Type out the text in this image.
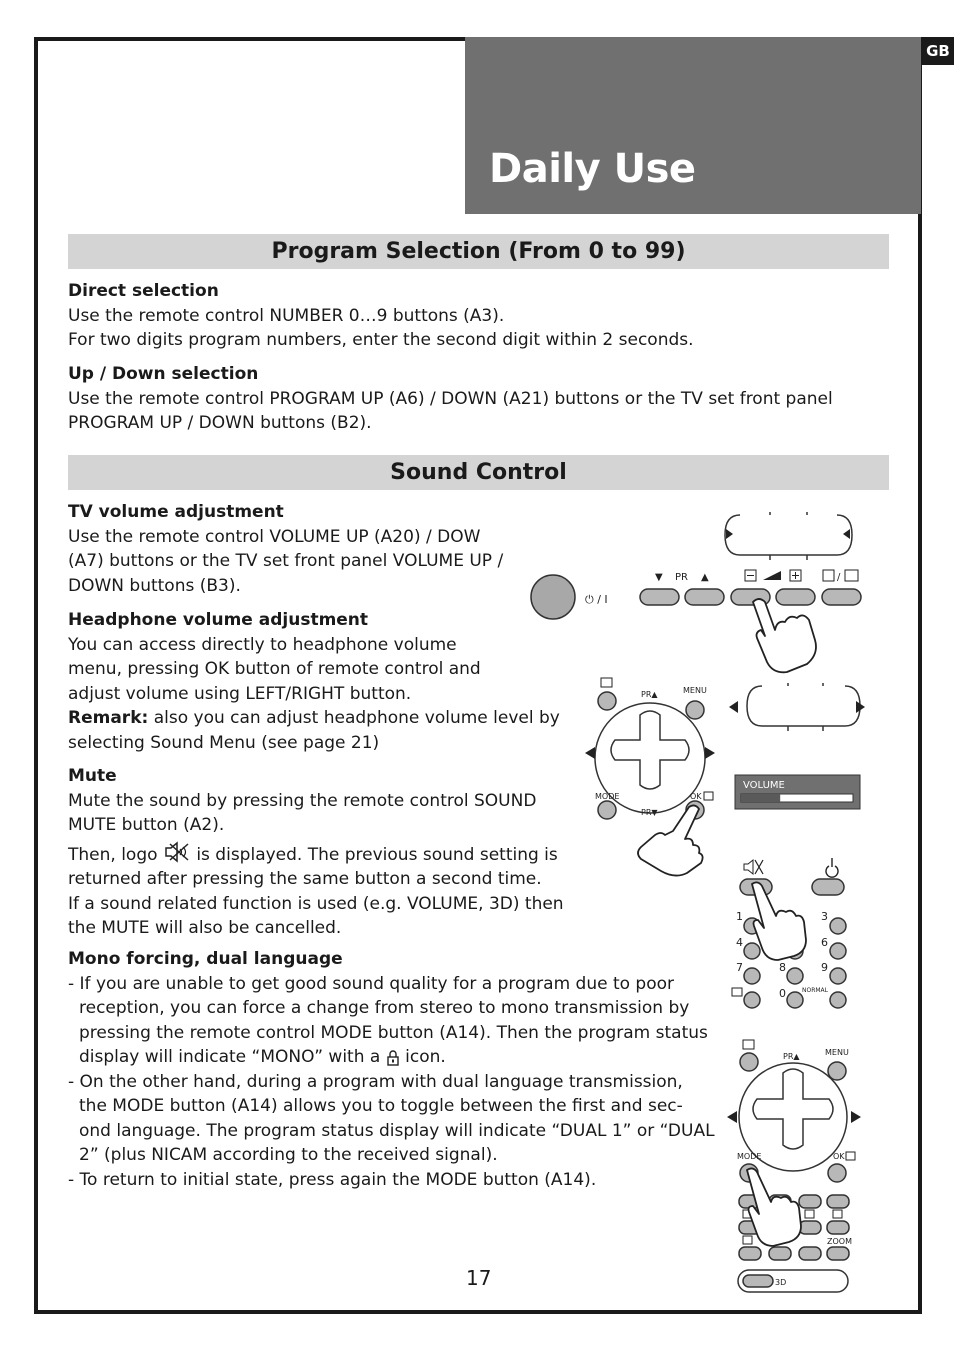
GB
Daily Use
Program Selection (From 0 to 99)
Direct selection
Use the remote control NUMBER 0…9 buttons (A3).
For two digits program numbers, enter the second digit within 2 seconds.
Up / Down selection
Use the remote control PROGRAM UP (A6) / DOWN (A21) buttons or the TV set front panel
PROGRAM UP / DOWN buttons (B2).
Sound Control
TV volume adjustment
Use the remote control VOLUME UP (A20) / DOW
(A7) buttons or the TV set front panel VOLUME UP /
DOWN buttons (B3).
Headphone volume adjustment
You can access directly to headphone volume
menu, pressing OK button of remote control and
adjust volume using LEFT/RIGHT button.
Remark: also you can adjust headphone volume level by
selecting Sound Menu (see page 21)
Mute
Mute the sound by pressing the remote control SOUND
MUTE button (A2).
Then, logo  is displayed. The previous sound setting is
returned after pressing the same button a second time.
If a sound related function is used (e.g. VOLUME, 3D) then
the MUTE will also be cancelled.
Mono forcing, dual language
- If you are unable to get good sound quality for a program due to poor
reception, you can force a change from stereo to mono transmission by
pressing the remote control MODE button (A14). Then the program status
display will indicate “MONO” with a  icon.
- On the other hand, during a program with dual language transmission,
the MODE button (A14) allows you to toggle between the first and sec-
ond language. The program status display will indicate “DUAL 1” or “DUAL
2” (plus NICAM according to the received signal).
- To return to initial state, press again the MODE button (A14).
⏻ / I
▼ PR ▲	/
PR▲	MENU
MODE	OK
PR▼
VOLUME
1	3
4	6
7	8	9
0	NORMAL
PR▲	MENU
MODE	OK
ZOOM
3D
17
